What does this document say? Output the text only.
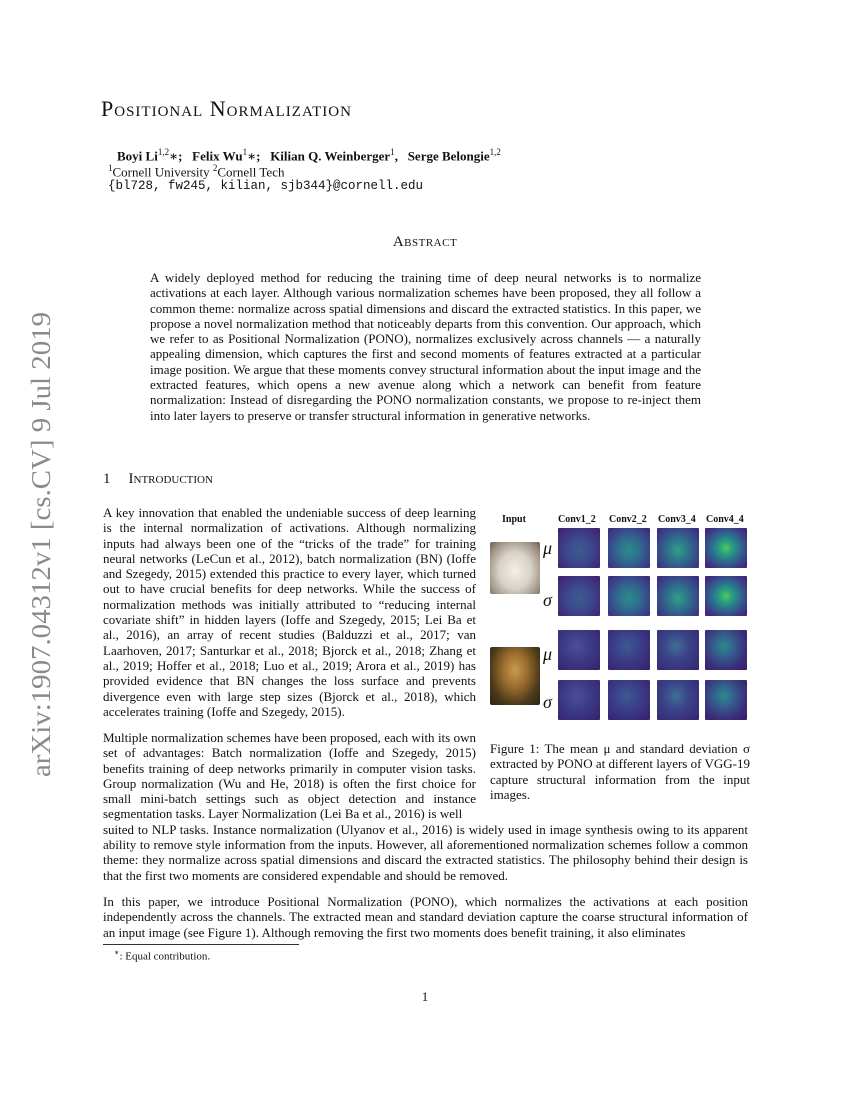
arXiv:1907.04312v1 [cs.CV] 9 Jul 2019
Positional Normalization
Boyi Li$^{1,2}$∗;   Felix Wu$^1$∗;   Kilian Q. Weinberger$^1$,   Serge Belongie$^{1,2}$
$^1$Cornell University $^2$Cornell Tech
{bl728, fw245, kilian, sjb344}@cornell.edu
Abstract
A widely deployed method for reducing the training time of deep neural networks is to normalize activations at each layer. Although various normalization schemes have been proposed, they all follow a common theme: normalize across spatial dimensions and discard the extracted statistics. In this paper, we propose a novel normalization method that noticeably departs from this convention. Our approach, which we refer to as Positional Normalization (PONO), normalizes exclusively across channels — a naturally appealing dimension, which captures the first and second moments of features extracted at a particular image position. We argue that these moments convey structural information about the input image and the extracted features, which opens a new avenue along which a network can benefit from feature normalization: Instead of disregarding the PONO normalization constants, we propose to re-inject them into later layers to preserve or transfer structural information in generative networks.
1 Introduction
A key innovation that enabled the undeniable success of deep learning is the internal normalization of activations. Although normalizing inputs had always been one of the “tricks of the trade” for training neural networks (LeCun et al., 2012), batch normalization (BN) (Ioffe and Szegedy, 2015) extended this practice to every layer, which turned out to have crucial benefits for deep networks. While the success of normalization methods was initially attributed to “reducing internal covariate shift” in hidden layers (Ioffe and Szegedy, 2015; Lei Ba et al., 2016), an array of recent studies (Balduzzi et al., 2017; van Laarhoven, 2017; Santurkar et al., 2018; Bjorck et al., 2018; Zhang et al., 2019; Hoffer et al., 2018; Luo et al., 2019; Arora et al., 2019) has provided evidence that BN changes the loss surface and prevents divergence even with large step sizes (Bjorck et al., 2018), which accelerates training (Ioffe and Szegedy, 2015).
Multiple normalization schemes have been proposed, each with its own set of advantages: Batch normalization (Ioffe and Szegedy, 2015) benefits training of deep networks primarily in computer vision tasks. Group normalization (Wu and He, 2018) is often the first choice for small mini-batch settings such as object detection and instance segmentation tasks. Layer Normalization (Lei Ba et al., 2016) is well
suited to NLP tasks. Instance normalization (Ulyanov et al., 2016) is widely used in image synthesis owing to its apparent ability to remove style information from the inputs. However, all aforementioned normalization schemes follow a common theme: they normalize across spatial dimensions and discard the extracted statistics. The philosophy behind their design is that the first two moments are considered expendable and should be removed.
In this paper, we introduce Positional Normalization (PONO), which normalizes the activations at each position independently across the channels. The extracted mean and standard deviation capture the coarse structural information of an input image (see Figure 1). Although removing the first two moments does benefit training, it also eliminates
Input	Conv1_2 Conv2_2 Conv3_4 Conv4_4
μ
σ
μ
σ
Figure 1: The mean μ and standard deviation σ extracted by PONO at different layers of VGG-19 capture structural information from the input images.
∗: Equal contribution.
1
